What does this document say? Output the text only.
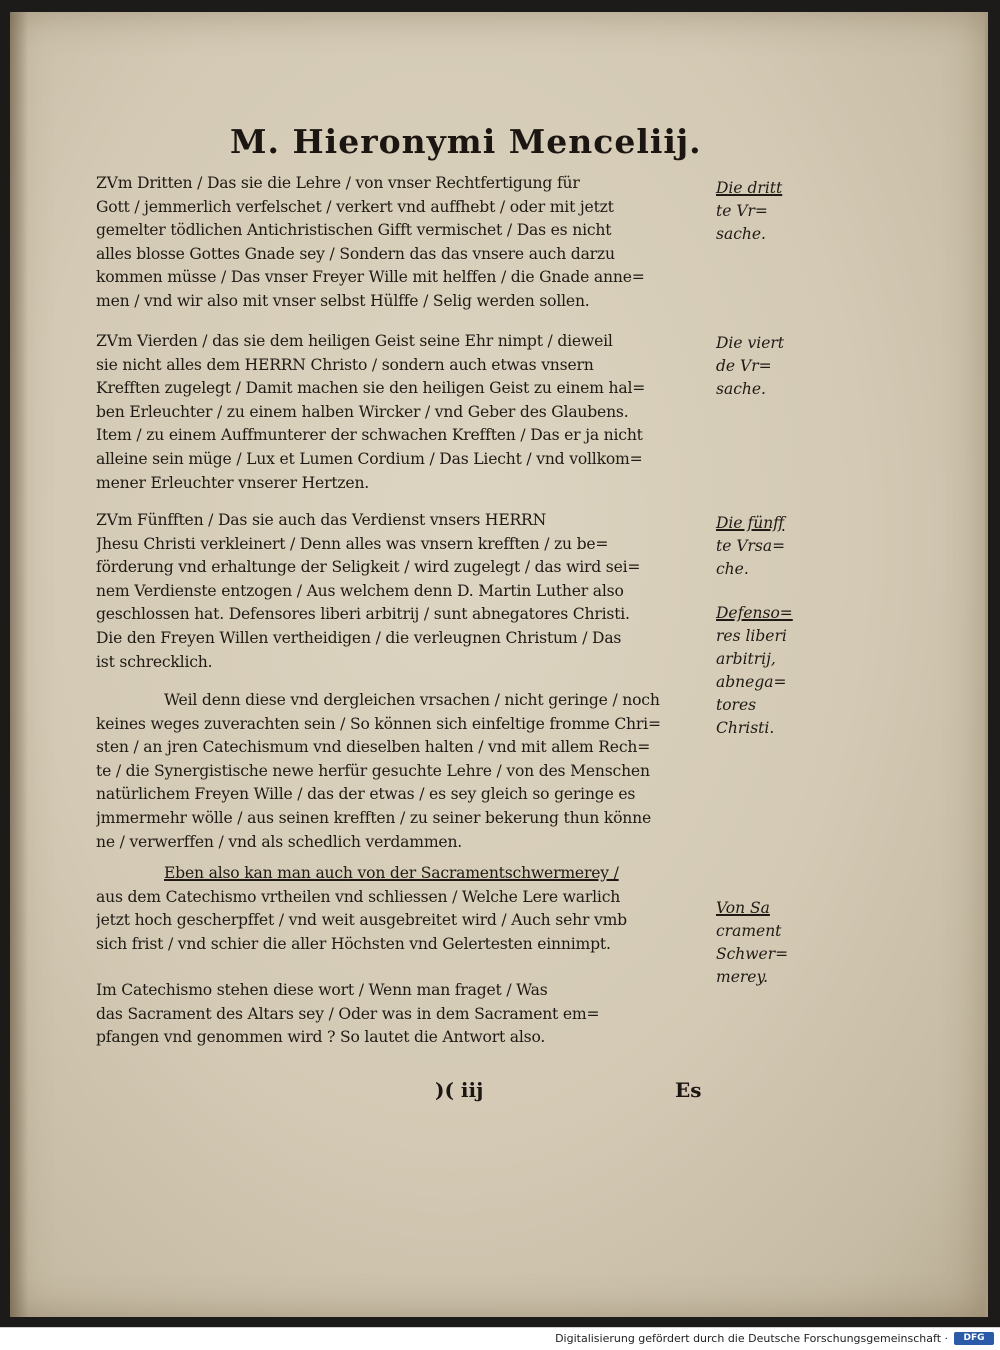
M. Hieronymi Menceliĳ.
ZVm Dritten / Das sie die Lehre / von vnser Rechtfertigung für
Gott / jemmerlich verfelschet / verkert vnd auffhebt / oder mit jetzt
gemelter tödlichen Antichristischen Gifft vermischet / Das es nicht
alles blosse Gottes Gnade sey / Sondern das das vnsere auch darzu
kommen müsse / Das vnser Freyer Wille mit helffen / die Gnade anne=
men / vnd wir also mit vnser selbst Hülffe / Selig werden sollen.
ZVm Vierden / das sie dem heiligen Geist seine Ehr nimpt / dieweil
sie nicht alles dem HERRN Christo / sondern auch etwas vnsern
Krefften zugelegt / Damit machen sie den heiligen Geist zu einem hal=
ben Erleuchter / zu einem halben Wircker / vnd Geber des Glaubens.
Item / zu einem Auffmunterer der schwachen Krefften / Das er ja nicht
alleine sein müge / Lux et Lumen Cordium / Das Liecht / vnd vollkom=
mener Erleuchter vnserer Hertzen.
ZVm Fünfften / Das sie auch das Verdienst vnsers HERRN
Jhesu Christi verkleinert / Denn alles was vnsern krefften / zu be=
förderung vnd erhaltunge der Seligkeit / wird zugelegt / das wird sei=
nem Verdienste entzogen / Aus welchem denn D. Martin Luther also
geschlossen hat. Defensores liberi arbitrij / sunt abnegatores Christi.
Die den Freyen Willen vertheidigen / die verleugnen Christum / Das
ist schrecklich.
Weil denn diese vnd dergleichen vrsachen / nicht geringe / noch
keines weges zuverachten sein / So können sich einfeltige fromme Chri=
sten / an jren Catechismum vnd dieselben halten / vnd mit allem Rech=
te / die Synergistische newe herfür gesuchte Lehre / von des Menschen
natürlichem Freyen Wille / das der etwas / es sey gleich so geringe es
jmmermehr wölle / aus seinen krefften / zu seiner bekerung thun könne
ne / verwerffen / vnd als schedlich verdammen.
Eben also kan man auch von der Sacramentschwermerey /
aus dem Catechismo vrtheilen vnd schliessen / Welche Lere warlich
jetzt hoch gescherpffet / vnd weit ausgebreitet wird / Auch sehr vmb
sich frist / vnd schier die aller Höchsten vnd Gelertesten einnimpt.
Im Catechismo stehen diese wort / Wenn man fraget / Was
das Sacrament des Altars sey / Oder was in dem Sacrament em=
pfangen vnd genommen wird ? So lautet die Antwort also.
Die dritt
te Vr=
sache.
Die viert
de Vr=
sache.
Die fünff
te Vrsa=
che.
Defenso=
res liberi
arbitrij,
abnega=
tores
Christi.
Von Sa
crament
Schwer=
merey.
)( iij	Es
Digitalisierung gefördert durch die Deutsche Forschungsgemeinschaft ·	DFG
